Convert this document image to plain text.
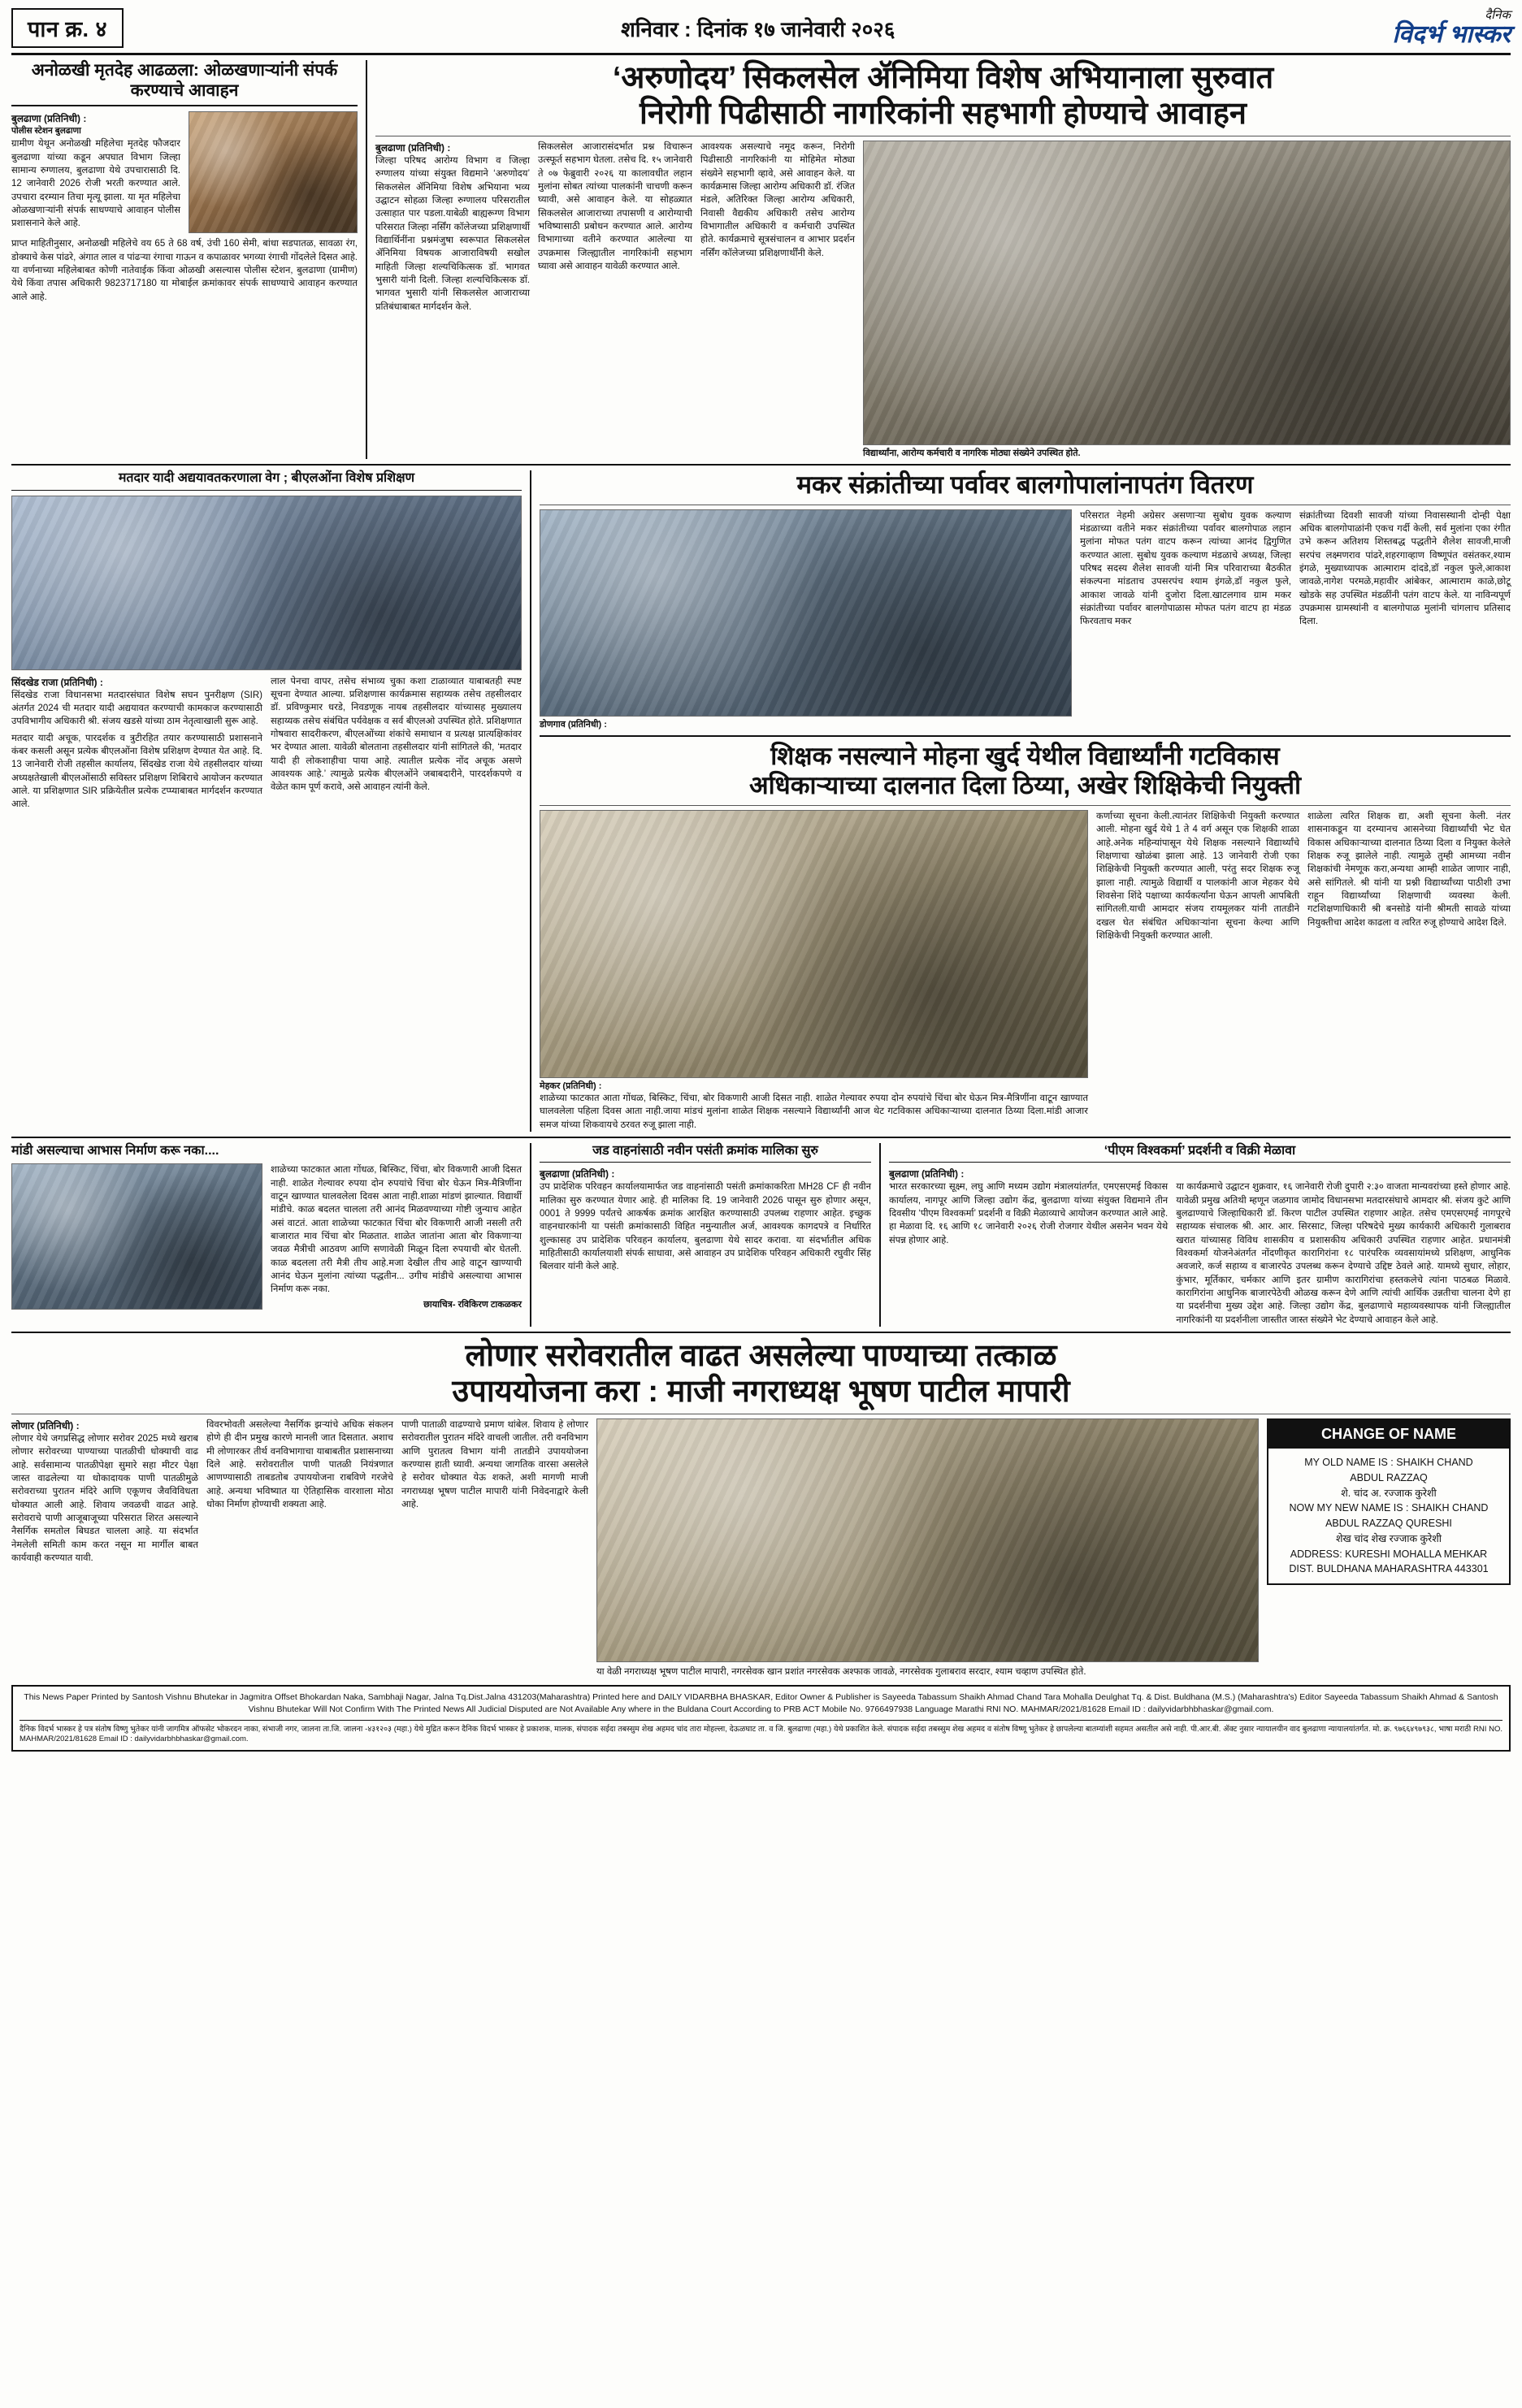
पान क्र. ४	शनिवार : दिनांक १७ जानेवारी २०२६
दैनिक
विदर्भ भास्कर
अनोळखी मृतदेह आढळला: ओळखणाऱ्यांनी संपर्क करण्याचे आवाहन
बुलढाणा (प्रतिनिधी) :
पोलीस स्टेशन बुलढाणा
ग्रामीण येथून अनोळखी महिलेचा मृतदेह फौजदार बुलढाणा यांच्या कडून अपघात विभाग जिल्हा सामान्य रुग्णालय, बुलढाणा येथे उपचारासाठी दि. 12 जानेवारी 2026 रोजी भरती करण्यात आले. उपचारा दरम्यान तिचा मृत्यू झाला. या मृत महिलेचा ओळखणाऱ्यांनी संपर्क साधण्याचे आवाहन पोलीस प्रशासनाने केले आहे.
प्राप्त माहितीनुसार, अनोळखी महिलेचे वय 65 ते 68 वर्ष, उंची 160 सेमी, बांधा सडपातळ, सावळा रंग, डोक्याचे केस पांढरे, अंगात लाल व पांढऱ्या रंगाचा गाऊन व कपाळावर भगव्या रंगाची गोंदलेले दिसत आहे. या वर्णनाच्या महिलेबाबत कोणी नातेवाईक किंवा ओळखी असल्यास पोलीस स्टेशन, बुलढाणा (ग्रामीण) येथे किंवा तपास अधिकारी 9823717180 या मोबाईल क्रमांकावर संपर्क साधण्याचे आवाहन करण्यात आले आहे.
‘अरुणोदय’ सिकलसेल ॲनिमिया विशेष अभियानाला सुरुवात
निरोगी पिढीसाठी नागरिकांनी सहभागी होण्याचे आवाहन
बुलढाणा (प्रतिनिधी) :
जिल्हा परिषद आरोग्य विभाग व जिल्हा रुग्णालय यांच्या संयुक्त विद्यमाने ‘अरुणोदय’ सिकलसेल ॲनिमिया विशेष अभियाना भव्य उद्घाटन सोहळा जिल्हा रुग्णालय परिसरातील उत्साहात पार पडला.याबेळी बाह्यरूग्ण विभाग परिसरात जिल्हा नर्सिंग कॉलेजच्या प्रशिक्षणार्थी विद्यार्थिनींना प्रश्नमंजुषा स्वरूपात सिकलसेल ॲनिमिया विषयक आजाराविषयी सखोल माहिती जिल्हा शल्यचिकित्सक डॉ. भागवत भुसारी यांनी दिली. जिल्हा शल्यचिकित्सक डॉ. भागवत भुसारी यांनी सिकलसेल आजाराच्या प्रतिबंधाबाबत मार्गदर्शन केले.
सिकलसेल आजारासंदर्भात प्रश्न विचारून उत्स्फूर्त सहभाग घेतला. तसेच दि. १५ जानेवारी ते ०७ फेब्रुवारी २०२६ या कालावधीत लहान मुलांना सोबत त्यांच्या पालकांनी चाचणी करून घ्यावी, असे आवाहन केले. या सोहळ्यात सिकलसेल आजाराच्या तपासणी व आरोग्याची भविष्यासाठी प्रबोधन करण्यात आले. आरोग्य विभागाच्या वतीने करण्यात आलेल्या या उपक्रमास जिल्ह्यातील नागरिकांनी सहभाग घ्यावा असे आवाहन यावेळी करण्यात आले.
आवश्यक असल्याचे नमूद करून, निरोगी पिढीसाठी नागरिकांनी या मोहिमेत मोठ्या संख्येने सहभागी व्हावे, असे आवाहन केले. या कार्यक्रमास जिल्हा आरोग्य अधिकारी डॉ. रंजित मंडले, अतिरिक्त जिल्हा आरोग्य अधिकारी, निवासी वैद्यकीय अधिकारी तसेच आरोग्य विभागातील अधिकारी व कर्मचारी उपस्थित होते. कार्यक्रमाचे सूत्रसंचालन व आभार प्रदर्शन नर्सिंग कॉलेजच्या प्रशिक्षणार्थींनी केले.
विद्यार्थ्यांना, आरोग्य कर्मचारी व नागरिक मोठ्या संख्येने उपस्थित होते.
मतदार यादी अद्ययावतकरणाला वेग ; बीएलओंना विशेष प्रशिक्षण
सिंदखेड राजा (प्रतिनिधी) :
सिंदखेड राजा विधानसभा मतदारसंघात विशेष सघन पुनरीक्षण (SIR) अंतर्गत 2024 ची मतदार यादी अद्ययावत करण्याची कामकाज करण्यासाठी उपविभागीय अधिकारी श्री. संजय खडसे यांच्या ठाम नेतृत्वाखाली सुरू आहे.
मतदार यादी अचूक, पारदर्शक व त्रुटीरहित तयार करण्यासाठी प्रशासनाने कंबर कसली असून प्रत्येक बीएलओंना विशेष प्रशिक्षण देण्यात येत आहे. दि. 13 जानेवारी रोजी तहसील कार्यालय, सिंदखेड राजा येथे तहसीलदार यांच्या अध्यक्षतेखाली बीएलओंसाठी सविस्तर प्रशिक्षण शिबिराचे आयोजन करण्यात आले. या प्रशिक्षणात SIR प्रक्रियेतील प्रत्येक टप्प्याबाबत मार्गदर्शन करण्यात आले.
लाल पेनचा वापर, तसेच संभाव्य चुका कशा टाळाव्यात याबाबतही स्पष्ट सूचना देण्यात आल्या. प्रशिक्षणास कार्यक्रमास सहाय्यक तसेच तहसीलदार डॉ. प्रविण्कुमार धरडे, निवडणूक नायब तहसीलदार यांच्यासह मुख्यालय सहाय्यक तसेच संबंधित पर्यवेक्षक व सर्व बीएलओ उपस्थित होते. प्रशिक्षणात गोषवारा सादरीकरण, बीएलओंच्या शंकांचे समाधान व प्रत्यक्ष प्रात्यक्षिकांवर भर देण्यात आला. यावेळी बोलताना तहसीलदार यांनी सांगितले की, ‘मतदार यादी ही लोकशाहीचा पाया आहे. त्यातील प्रत्येक नोंद अचूक असणे आवश्यक आहे.’ त्यामुळे प्रत्येक बीएलओंने जबाबदारीने, पारदर्शकपणे व वेळेत काम पूर्ण करावे, असे आवाहन त्यांनी केले.
मकर संक्रांतीच्या पर्वावर बालगोपालांनापतंग वितरण
डोणगाव (प्रतिनिधी) :
परिसरात नेहमी अग्रेसर असणाऱ्या सुबोध युवक कल्याण मंडळाच्या वतीने मकर संक्रांतीच्या पर्वावर बालगोपाळ लहान मुलांना मोफत पतंग वाटप करून त्यांच्या आनंद द्विगुणित करण्यात आला. सुबोध युवक कल्याण मंडळाचे अध्यक्ष, जिल्हा परिषद सदस्य शैलेश सावजी यांनी मित्र परिवाराच्या बैठकीत संकल्पना मांडताच उपसरपंच श्याम इंगळे,डॉ नकुल फुले, आकाश जावळे यांनी दुजोरा दिला.खाटलगाव ग्राम मकर संक्रांतीच्या पर्वावर बालगोपाळास मोफत पतंग वाटप हा मंडळ फिरवताच मकर
संक्रांतीच्या दिवशी सावजी यांच्या निवासस्थानी दोन्ही पेक्षा अधिक बालगोपाळांनी एकच गर्दी केली, सर्व मुलांना एका रंगीत उभे करून अतिशय शिस्तबद्ध पद्धतीने शैलेश सावजी,माजी सरपंच लक्ष्मणराव पांढरे,शहरगाव्हाण विष्णूपंत वसंतकर,श्याम इंगळे, मुख्याध्यापक आत्माराम दांदडे,डॉ नकुल फुले,आकाश जावळे,नागेश परमळे,महावीर आंबेकर, आत्माराम काळे,छोटू खोडके सह उपस्थित मंडळींनी पतंग वाटप केले. या नाविन्यपूर्ण उपक्रमास ग्रामस्थांनी व बालगोपाळ मुलांनी चांगलाच प्रतिसाद दिला.
शिक्षक नसल्याने मोहना खुर्द येथील विद्यार्थ्यांनी गटविकास
अधिकाऱ्याच्या दालनात दिला ठिय्या, अखेर शिक्षिकेची नियुक्ती
मेहकर (प्रतिनिधी) :
शाळेच्या फाटकात आता गोंधळ, बिस्किट, चिंचा, बोर विकणारी आजी दिसत नाही. शाळेत गेल्यावर रुपया दोन रुपयांचे चिंचा बोर घेऊन मित्र-मैत्रिणींना वाटून खाण्यात घालवलेला पहिला दिवस आता नाही.जाया मांडचं मुलांना शाळेत शिक्षक नसल्याने विद्यार्थ्यांनी आज थेट गटविकास अधिकाऱ्याच्या दालनात ठिय्या दिला.मांडी आजार समज यांच्या शिकवायचे ठरवत रुजू झाला नाही.
कर्णाच्या सूचना केली.त्यानंतर शिक्षिकेची नियुक्ती करण्यात आली. मोहना खुर्द येथे 1 ते 4 वर्ग असून एक शिक्षकी शाळा आहे.अनेक महिन्यांपासून येथे शिक्षक नसल्याने विद्यार्थ्यांचे शिक्षणाचा खोळंबा झाला आहे. 13 जानेवारी रोजी एका शिक्षिकेची नियुक्ती करण्यात आली, परंतु सदर शिक्षक रुजू झाला नाही. त्यामुळे विद्यार्थी व पालकांनी आज मेहकर येथे शिवसेना शिंदे पक्षाच्या कार्यकर्त्यांना घेऊन आपली आपबिती सांगितली.याची आमदार संजय रायमूलकर यांनी तातडीने दखल घेत संबंधित अधिकाऱ्यांना सूचना केल्या आणि शिक्षिकेची नियुक्ती करण्यात आली.
शाळेला त्वरित शिक्षक द्या, अशी सूचना केली. नंतर शासनाकडून या दरम्यानच आसनेच्या विद्यार्थ्यांची भेट घेत विकास अधिकाऱ्याच्या दालनात ठिय्या दिला व नियुक्त केलेले शिक्षक रुजू झालेले नाही. त्यामुळे तुम्ही आमच्या नवीन शिक्षकांची नेमणूक करा,अन्यथा आम्ही शाळेत जाणार नाही, असे सांगितले. श्री यांनी या प्रश्नी विद्यार्थ्यांच्या पाठीशी उभा राहून विद्यार्थ्यांच्या शिक्षणाची व्यवस्था केली. गटशिक्षणाधिकारी श्री बनसोडे यांनी श्रीमती सावळे यांच्या नियुक्तीचा आदेश काढला व त्वरित रुजू होण्याचे आदेश दिले.
मांडी असल्याचा आभास निर्माण करू नका....
शाळेच्या फाटकात आता गोंधळ, बिस्किट, चिंचा, बोर विकणारी आजी दिसत नाही. शाळेत गेल्यावर रुपया दोन रुपयांचे चिंचा बोर घेऊन मित्र-मैत्रिणींना वाटून खाण्यात घालवलेला दिवस आता नाही.शाळा मांडणं झाल्यात. विद्यार्थी मांडीचे. काळ बदलत चालला तरी आनंद मिळवण्याच्या गोष्टी जुन्याच आहेत असं वाटतं. आता शाळेच्या फाटकात चिंचा बोर विकणारी आजी नसली तरी बाजारात माव चिंचा बोर मिळतात. शाळेत जातांना आता बोर विकणाऱ्या जवळ मैत्रीची आठवण आणि सणावेळी मिळून दिला रुपयाची बोर घेतली. काळ बदलला तरी मैत्री तीच आहे.मजा देखील तीच आहे वाटून खाण्याची आनंद घेऊन मुलांना त्यांच्या पद्धतीन... उगीच मांडीचे असल्याचा आभास निर्माण करू नका.
छायाचित्र- रविकिरण टाकळकर
जड वाहनांसाठी नवीन पसंती क्रमांक मालिका सुरु
बुलढाणा (प्रतिनिधी) :
उप प्रादेशिक परिवहन कार्यालयामार्फत जड वाहनांसाठी पसंती क्रमांकाकरिता MH28 CF ही नवीन मालिका सुरु करण्यात येणार आहे. ही मालिका दि. 19 जानेवारी 2026 पासून सुरु होणार असून, 0001 ते 9999 पर्यंतचे आकर्षक क्रमांक आरक्षित करण्यासाठी उपलब्ध राहणार आहेत. इच्छुक वाहनधारकांनी या पसंती क्रमांकासाठी विहित नमुन्यातील अर्ज, आवश्यक कागदपत्रे व निर्धारित शुल्कासह उप प्रादेशिक परिवहन कार्यालय, बुलढाणा येथे सादर करावा. या संदर्भातील अधिक माहितीसाठी कार्यालयाशी संपर्क साधावा, असे आवाहन उप प्रादेशिक परिवहन अधिकारी रघुवीर सिंह बिलवार यांनी केले आहे.
‘पीएम विश्वकर्मा’ प्रदर्शनी व विक्री मेळावा
बुलढाणा (प्रतिनिधी) :
भारत सरकारच्या सूक्ष्म, लघु आणि मध्यम उद्योग मंत्रालयांतर्गत, एमएसएमई विकास कार्यालय, नागपूर आणि जिल्हा उद्योग केंद्र, बुलढाणा यांच्या संयुक्त विद्यमाने तीन दिवसीय ‘पीएम विश्वकर्मा’ प्रदर्शनी व विक्री मेळाव्याचे आयोजन करण्यात आले आहे. हा मेळावा दि. १६ आणि १८ जानेवारी २०२६ रोजी रोजगार येथील असनेन भवन येथे संपन्न होणार आहे.
या कार्यक्रमाचे उद्घाटन शुक्रवार, १६ जानेवारी रोजी दुपारी २:३० वाजता मान्यवरांच्या हस्ते होणार आहे. यावेळी प्रमुख अतिथी म्हणून जळगाव जामोद विधानसभा मतदारसंघाचे आमदार श्री. संजय कुटे आणि बुलढाण्याचे जिल्हाधिकारी डॉ. किरण पाटील उपस्थित राहणार आहेत. तसेच एमएसएमई नागपूरचे सहाय्यक संचालक श्री. आर. आर. सिरसाट, जिल्हा परिषदेचे मुख्य कार्यकारी अधिकारी गुलाबराव खरात यांच्यासह विविध शासकीय व प्रशासकीय अधिकारी उपस्थित राहणार आहेत. प्रधानमंत्री विश्वकर्मा योजनेअंतर्गत नोंदणीकृत कारागिरांना १८ पारंपरिक व्यवसायांमध्ये प्रशिक्षण, आधुनिक अवजारे, कर्ज सहाय्य व बाजारपेठ उपलब्ध करून देण्याचे उद्दिष्ट ठेवले आहे. यामध्ये सुधार, लोहार, कुंभार, मूर्तिकार, चर्मकार आणि इतर ग्रामीण कारागिरांचा हस्तकलेचे त्यांना पाठबळ मिळावे. कारागिरांना आधुनिक बाजारपेठेची ओळख करून देणे आणि त्यांची आर्थिक उन्नतीचा चालना देणे हा या प्रदर्शनीचा मुख्य उद्देश आहे. जिल्हा उद्योग केंद्र, बुलढाणाचे महाव्यवस्थापक यांनी जिल्ह्यातील नागरिकांनी या प्रदर्शनीला जास्तीत जास्त संख्येने भेट देण्याचे आवाहन केले आहे.
लोणार सरोवरातील वाढत असलेल्या पाण्याच्या तत्काळ
उपाययोजना करा : माजी नगराध्यक्ष भूषण पाटील मापारी
लोणार (प्रतिनिधी) :
लोणार येथे जगप्रसिद्ध लोणार सरोवर 2025 मध्ये खराब लोणार सरोवरच्या पाण्याच्या पातळीची धोक्याची वाढ आहे. सर्वसामान्य पातळीपेक्षा सुमारे सहा मीटर पेक्षा जास्त वाढलेल्या या धोकादायक पाणी पातळीमुळे सरोवराच्या पुरातन मंदिरे आणि एकूणच जैवविविधता धोक्यात आली आहे. शिवाय जवळची वाढत आहे. सरोवराचे पाणी आजूबाजूच्या परिसरात शिरत असल्याने नैसर्गिक समतोल बिघडत चालला आहे. या संदर्भात नेमलेली समिती काम करत नसून मा मार्गील बाबत कार्यवाही करण्यात यावी.
विवरभोवती असलेल्या नैसर्गिक झऱ्यांचे अधिक संकलन होणे ही दीन प्रमुख कारणे मानली जात दिसतात. अशाच मी लोणारकर तीर्थ वनविभागाचा याबाबतीत प्रशासनाच्या दिले आहे. सरोवरातील पाणी पातळी नियंत्रणात आणण्यासाठी ताबडतोब उपाययोजना राबविणे गरजेचे आहे. अन्यथा भविष्यात या ऐतिहासिक वारशाला मोठा धोका निर्माण होण्याची शक्यता आहे.
पाणी पाताळी वाढण्याचे प्रमाण थांबेल. शिवाय हे लोणार सरोवरातील पुरातन मंदिरे वाचली जातील. तरी वनविभाग आणि पुरातत्व विभाग यांनी तातडीने उपाययोजना करण्यास हाती घ्यावी. अन्यथा जागतिक वारसा असलेले हे सरोवर धोक्यात येऊ शकते, अशी मागणी माजी नगराध्यक्ष भूषण पाटील मापारी यांनी निवेदनाद्वारे केली आहे.
या वेळी नगराध्यक्ष भूषण पाटील मापारी, नगरसेवक खान प्रशांत नगरसेवक अश्फाक जावळे, नगरसेवक गुलाबराव सरदार, श्याम चव्हाण उपस्थित होते.
CHANGE OF NAME
MY OLD NAME IS : SHAIKH CHAND
ABDUL RAZZAQ
शे. चांद अ. रज्जाक कुरेशी
NOW MY NEW NAME IS : SHAIKH CHAND
ABDUL RAZZAQ QURESHI
शेख चांद शेख रज्जाक कुरेशी
ADDRESS: KURESHI MOHALLA MEHKAR
DIST. BULDHANA MAHARASHTRA 443301
This News Paper Printed by Santosh Vishnu Bhutekar in Jagmitra Offset Bhokardan Naka, Sambhaji Nagar, Jalna Tq.Dist.Jalna 431203(Maharashtra) Printed here and DAILY VIDARBHA BHASKAR, Editor Owner & Publisher is Sayeeda Tabassum Shaikh Ahmad Chand Tara Mohalla Deulghat Tq. & Dist. Buldhana (M.S.) (Maharashtra's) Editor Sayeeda Tabassum Shaikh Ahmad & Santosh Vishnu Bhutekar Will Not Confirm With The Printed News All Judicial Disputed are Not Available Any where in the Buldana Court According to PRB ACT Mobile No. 9766497938 Language Marathi RNI NO. MAHMAR/2021/81628 Email ID : dailyvidarbhbhaskar@gmail.com.
दैनिक विदर्भ भास्कर हे पत्र संतोष विष्णु भुतेकर यांनी जागमित्र ऑफसेट भोकरदन नाका, संभाजी नगर, जालना ता.जि. जालना -४३१२०३ (महा.) येथे मुद्रित करून दैनिक विदर्भ भास्कर हे प्रकाशक, मालक, संपादक सईदा तबस्सुम शेख अहमद चांद तारा मोहल्ला, देऊळघाट ता. व जि. बुलढाणा (महा.) येथे प्रकाशित केले. संपादक सईदा तबस्सुम शेख अहमद व संतोष विष्णू भुतेकर हे छापलेल्या बातम्यांशी सहमत असतील असे नाही. पी.आर.बी. ॲक्ट नुसार न्यायालयीन वाद बुलढाणा न्यायालयांतर्गत. मो. क्र. ९७६६४९७९३८, भाषा मराठी RNI NO. MAHMAR/2021/81628 Email ID : dailyvidarbhbhaskar@gmail.com.
